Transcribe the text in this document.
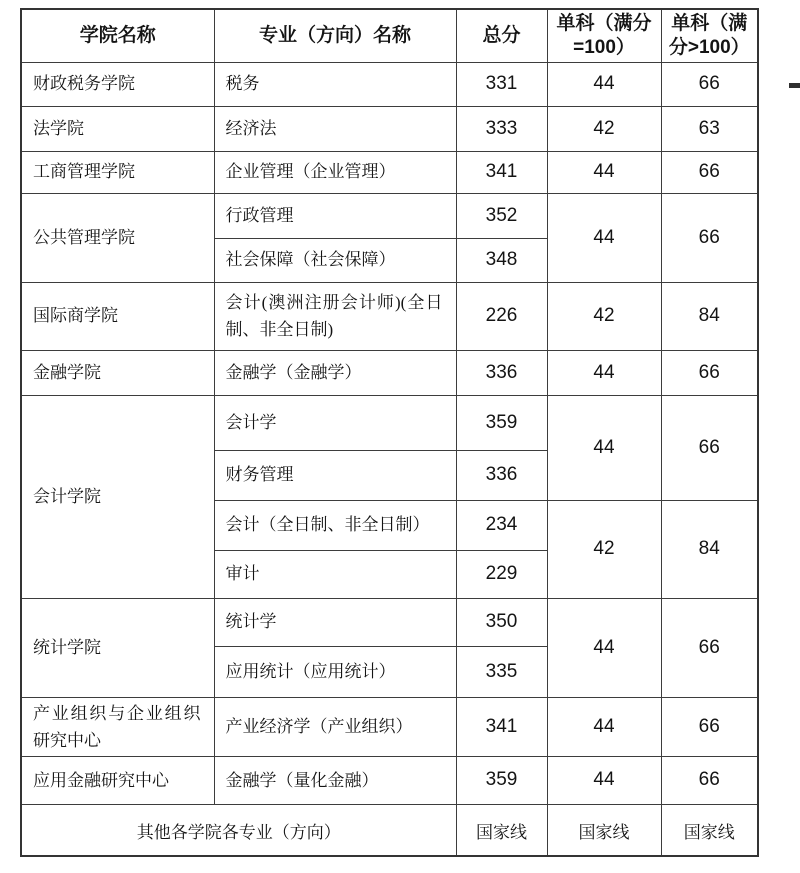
学院名称	专业（方向）名称	总分	单科（满分=100）	单科（满分>100）
财政税务学院	税务	331	44	66
法学院	经济法	333	42	63
工商管理学院	企业管理（企业管理）	341	44	66
公共管理学院	行政管理	352	44	66
	社会保障（社会保障）	348		
国际商学院	会计(澳洲注册会计师)(全日制、非全日制)	226	42	84
金融学院	金融学（金融学）	336	44	66
会计学院	会计学	359	44	66
	财务管理	336		
	会计（全日制、非全日制）	234	42	84
	审计	229		
统计学院	统计学	350	44	66
	应用统计（应用统计）	335		
产业组织与企业组织研究中心	产业经济学（产业组织）	341	44	66
应用金融研究中心	金融学（量化金融）	359	44	66
其他各学院各专业（方向）		国家线	国家线	国家线
